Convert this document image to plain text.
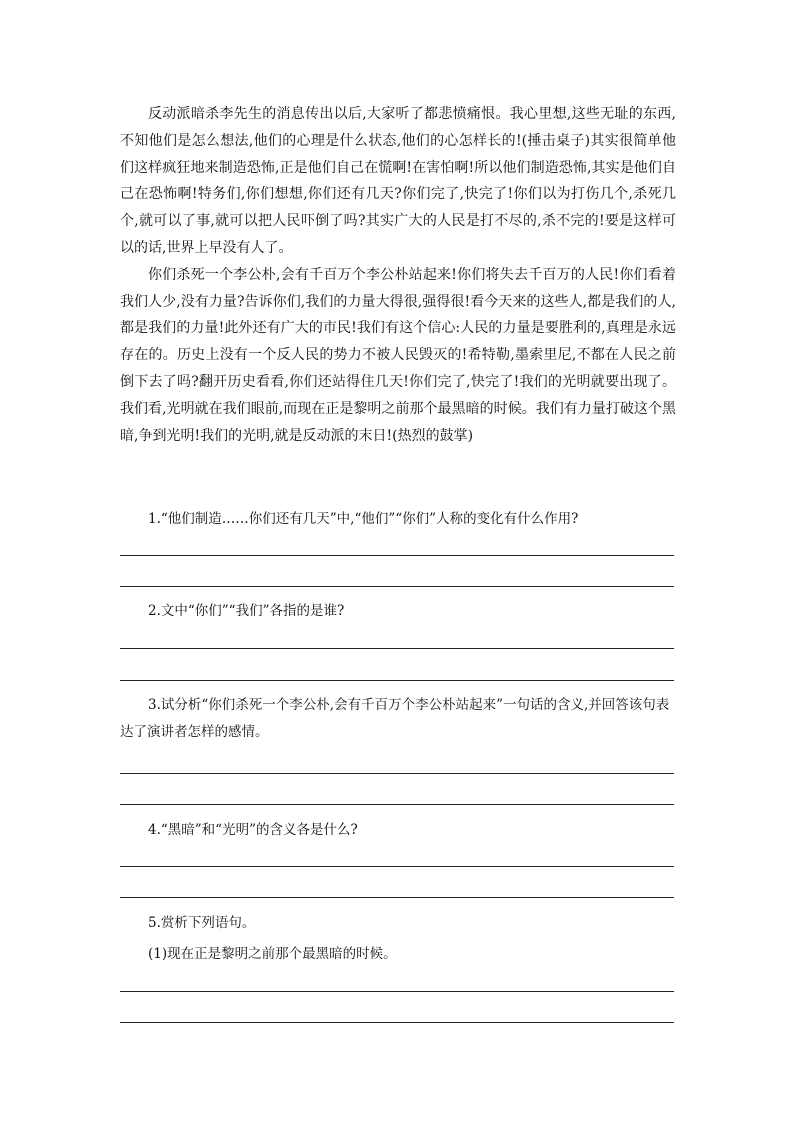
反动派暗杀李先生的消息传出以后,大家听了都悲愤痛恨。我心里想,这些无耻的东西,不知他们是怎么想法,他们的心理是什么状态,他们的心怎样长的!(捶击桌子)其实很简单他们这样疯狂地来制造恐怖,正是他们自己在慌啊!在害怕啊!所以他们制造恐怖,其实是他们自己在恐怖啊!特务们,你们想想,你们还有几天?你们完了,快完了!你们以为打伤几个,杀死几个,就可以了事,就可以把人民吓倒了吗?其实广大的人民是打不尽的,杀不完的!要是这样可以的话,世界上早没有人了。

你们杀死一个李公朴,会有千百万个李公朴站起来!你们将失去千百万的人民!你们看着我们人少,没有力量?告诉你们,我们的力量大得很,强得很!看今天来的这些人,都是我们的人,都是我们的力量!此外还有广大的市民!我们有这个信心:人民的力量是要胜利的,真理是永远存在的。历史上没有一个反人民的势力不被人民毁灭的!希特勒,墨索里尼,不都在人民之前倒下去了吗?翻开历史看看,你们还站得住几天!你们完了,快完了!我们的光明就要出现了。我们看,光明就在我们眼前,而现在正是黎明之前那个最黑暗的时候。我们有力量打破这个黑暗,争到光明!我们的光明,就是反动派的末日!(热烈的鼓掌)

1.“他们制造……你们还有几天”中,“他们”“你们”人称的变化有什么作用?

2.文中“你们”“我们”各指的是谁?

3.试分析“你们杀死一个李公朴,会有千百万个李公朴站起来”一句话的含义,并回答该句表达了演讲者怎样的感情。

4.“黑暗”和“光明”的含义各是什么?

5.赏析下列语句。

(1)现在正是黎明之前那个最黑暗的时候。
